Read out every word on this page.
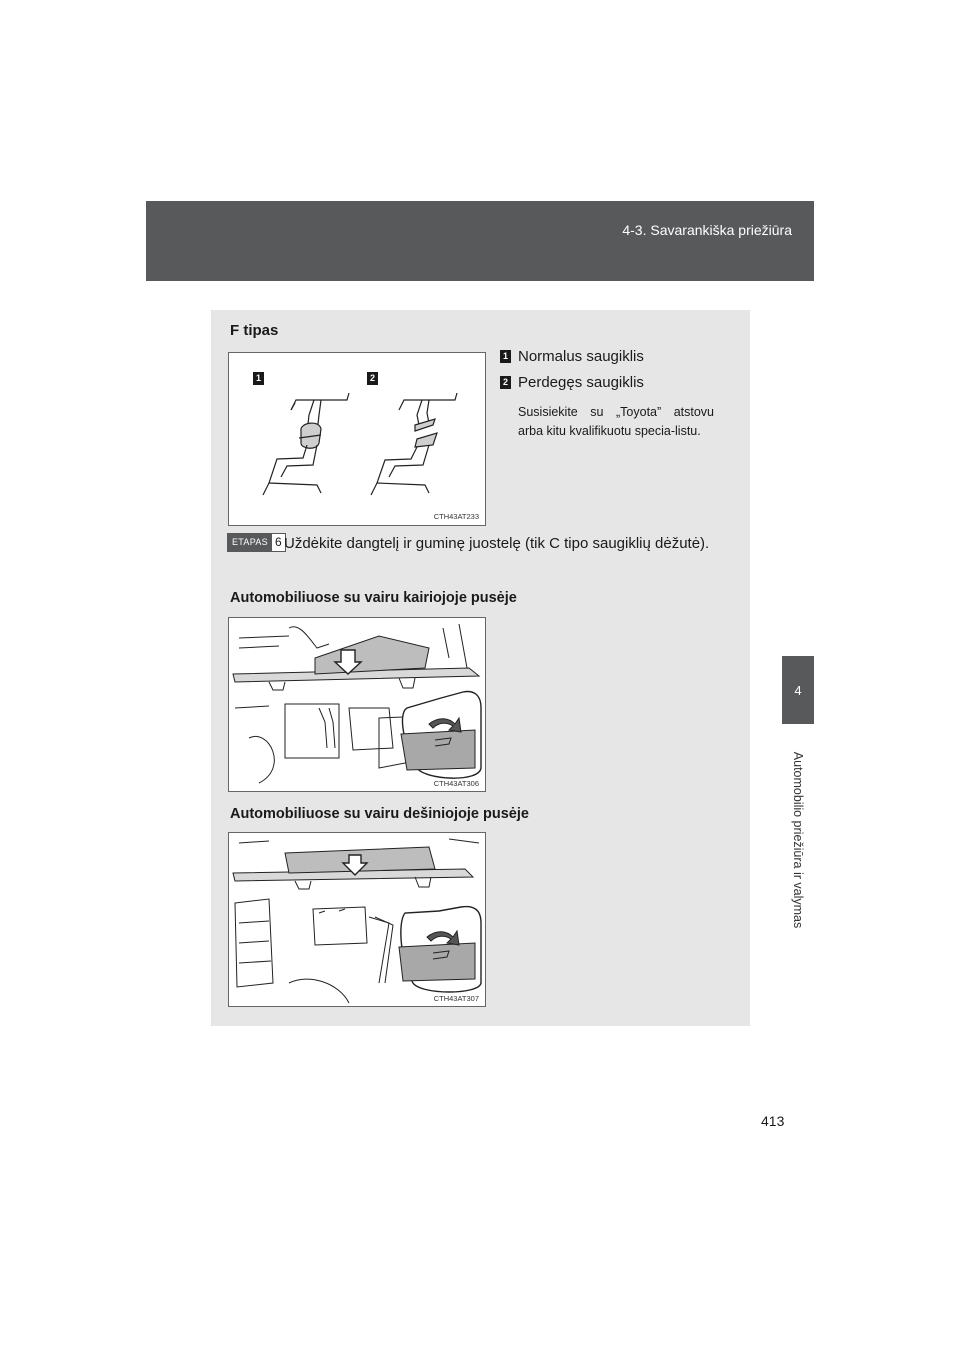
4-3. Savarankiška priežiūra
4
Automobilio priežiūra ir valymas
F tipas
1	2
CTH43AT233
1 Normalus saugiklis
2 Perdegęs saugiklis
Susisiekite su „Toyota” atstovu arba kitu kvalifikuotu specia-listu.
ETAPAS 6 Uždėkite dangtelį ir guminę juostelę (tik C tipo saugiklių dėžutė).
Automobiliuose su vairu kairiojoje pusėje
CTH43AT306
Automobiliuose su vairu dešiniojoje pusėje
CTH43AT307
413
